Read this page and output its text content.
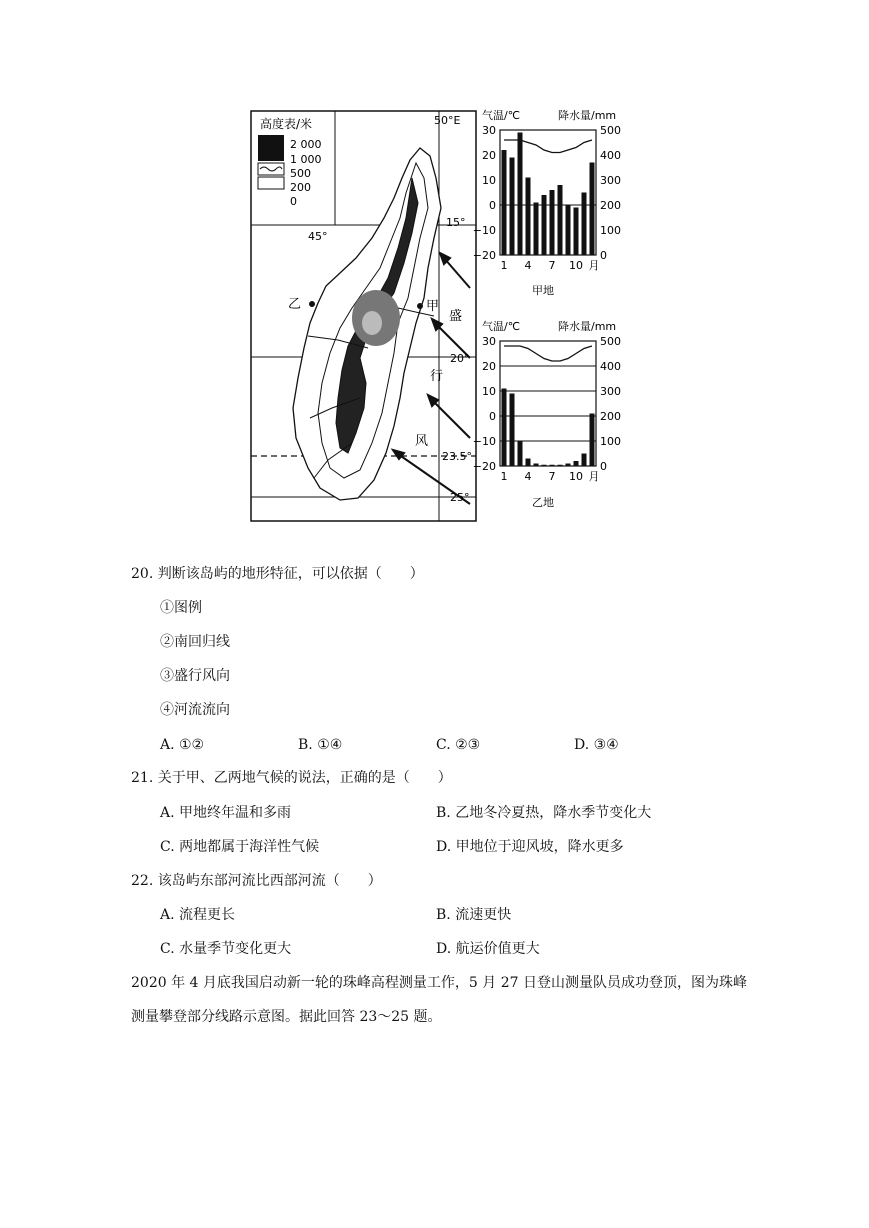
高度表/米
2 000
1 000
500
200
0
乙	甲
盛
行
风
50°E
45°
15°
20°
23.5°
25°
气温/℃	降水量/mm
30
20
10
0
−10
−20
500
400
300
200
100
0
1 4 7 10 月
甲地
气温/℃	降水量/mm
30
20
10
0
−10
−20
500
400
300
200
100
0
1 4 7 10 月
乙地
20. 判断该岛屿的地形特征，可以依据（　　）
①图例
②南回归线
③盛行风向
④河流流向
A. ①②	B. ①④	C. ②③	D. ③④
21. 关于甲、乙两地气候的说法，正确的是（　　）
A. 甲地终年温和多雨	B. 乙地冬冷夏热，降水季节变化大
C. 两地都属于海洋性气候	D. 甲地位于迎风坡，降水更多
22. 该岛屿东部河流比西部河流（　　）
A. 流程更长	B. 流速更快
C. 水量季节变化更大	D. 航运价值更大
2020 年 4 月底我国启动新一轮的珠峰高程测量工作，5 月 27 日登山测量队员成功登顶，图为珠峰测量攀登部分线路示意图。据此回答 23～25 题。
